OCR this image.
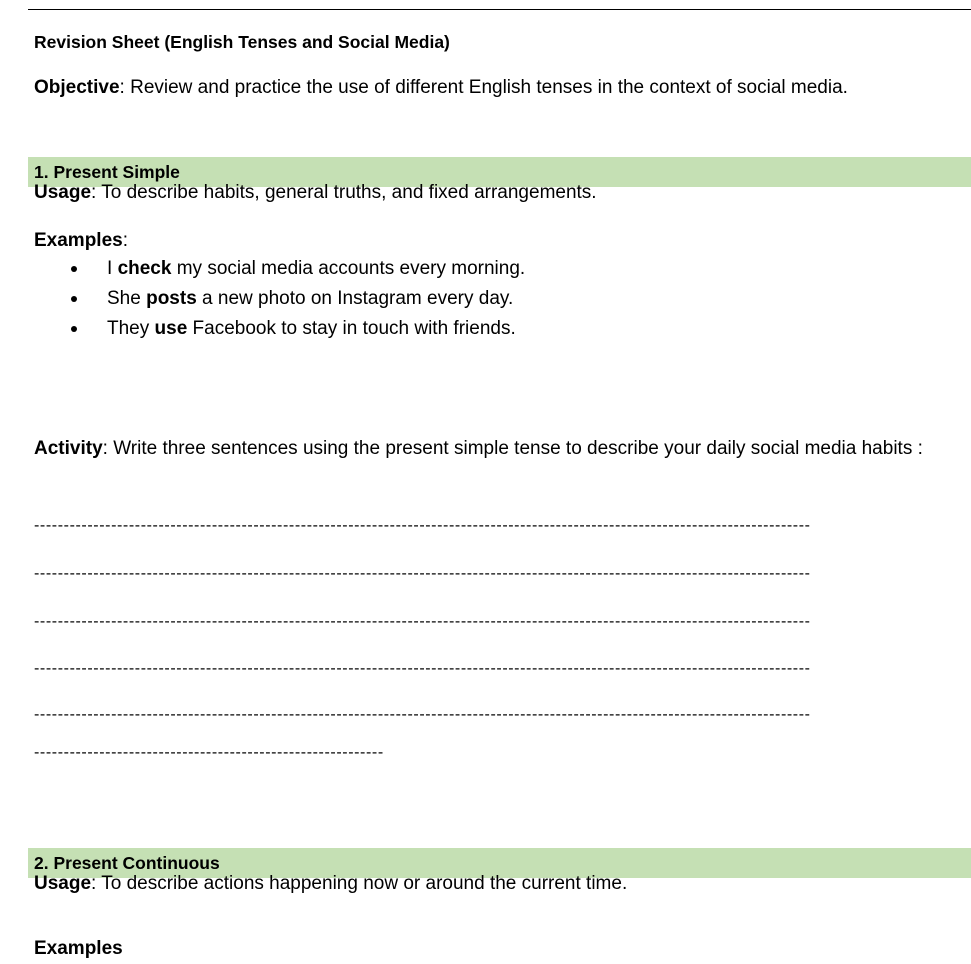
Revision Sheet (English Tenses and Social Media)

Objective: Review and practice the use of different English tenses in the context of social media.

1. Present Simple

Usage: To describe habits, general truths, and fixed arrangements.

Examples:

I check my social media accounts every morning.
She posts a new photo on Instagram every day.
They use Facebook to stay in touch with friends.

Activity: Write three sentences using the present simple tense to describe your daily social media habits :

-----------------------------------------------------------------------------------------------------------------------------------
-----------------------------------------------------------------------------------------------------------------------------------
-----------------------------------------------------------------------------------------------------------------------------------
-----------------------------------------------------------------------------------------------------------------------------------
-----------------------------------------------------------------------------------------------------------------------------------
-----------------------------------------------------------
2. Present Continuous

Usage: To describe actions happening now or around the current time.

Examples
